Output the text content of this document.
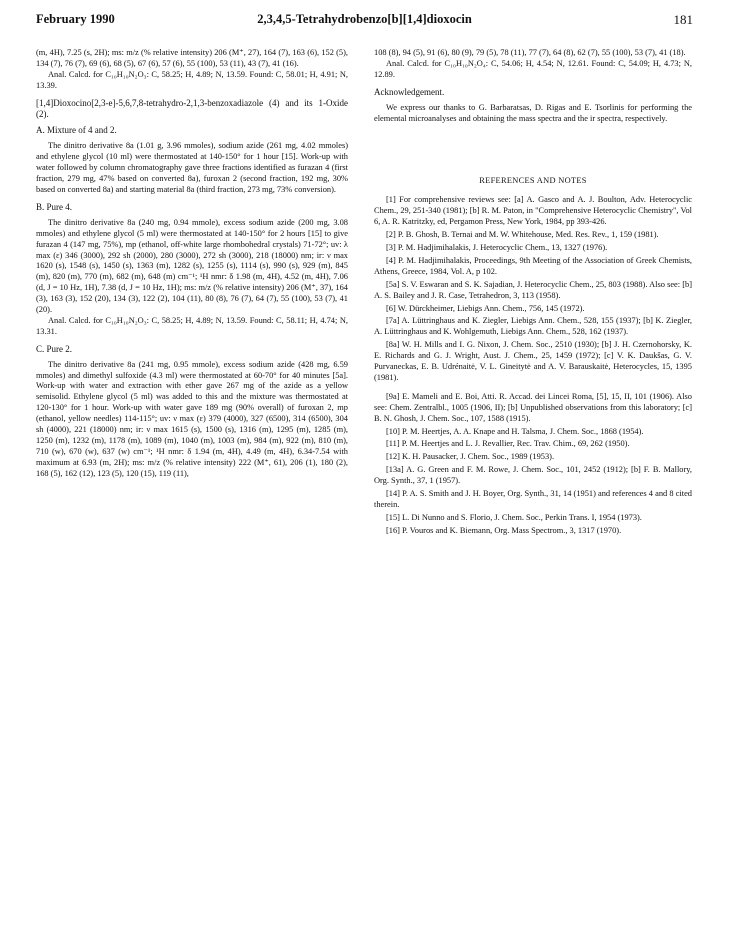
February 1990	2,3,4,5-Tetrahydrobenzo[b][1,4]dioxocin	181

(m, 4H), 7.25 (s, 2H); ms: m/z (% relative intensity) 206 (M⁺, 27), 164 (7), 163 (6), 152 (5), 134 (7), 76 (7), 69 (6), 68 (5), 67 (6), 57 (6), 55 (100), 53 (11), 43 (7), 41 (16).

Anal. Calcd. for C₁₀H₁₀N₂O₃: C, 58.25; H, 4.89; N, 13.59. Found: C, 58.01; H, 4.91; N, 13.39.

[1,4]Dioxocino[2,3-e]-5,6,7,8-tetrahydro-2,1,3-benzoxadiazole (4) and its 1-Oxide (2).

A. Mixture of 4 and 2.

The dinitro derivative 8a (1.01 g, 3.96 mmoles), sodium azide (261 mg, 4.02 mmoles) and ethylene glycol (10 ml) were thermostated at 140-150° for 1 hour [15]. Work-up with water followed by column chromatography gave three fractions identified as furazan 4 (first fraction, 279 mg, 47% based on converted 8a), furoxan 2 (second fraction, 192 mg, 30% based on converted 8a) and starting material 8a (third fraction, 273 mg, 73% conversion).

B. Pure 4.

The dinitro derivative 8a (240 mg, 0.94 mmole), excess sodium azide (200 mg, 3.08 mmoles) and ethylene glycol (5 ml) were thermostated at 140-150° for 2 hours [15] to give furazan 4 (147 mg, 75%), mp (ethanol, off-white large rhombohedral crystals) 71-72°; uv: λ max (ε) 346 (3000), 292 sh (2000), 280 (3000), 272 sh (3000), 218 (18000) nm; ir: ν max 1620 (s), 1548 (s), 1450 (s), 1363 (m), 1282 (s), 1255 (s), 1114 (s), 990 (s), 929 (m), 845 (m), 820 (m), 770 (m), 682 (m), 648 (m) cm⁻¹; ¹H nmr: δ 1.98 (m, 4H), 4.52 (m, 4H), 7.06 (d, J = 10 Hz, 1H), 7.38 (d, J = 10 Hz, 1H); ms: m/z (% relative intensity) 206 (M⁺, 37), 164 (3), 163 (3), 152 (20), 134 (3), 122 (2), 104 (11), 80 (8), 76 (7), 64 (7), 55 (100), 53 (7), 41 (20).

Anal. Calcd. for C₁₀H₁₀N₂O₃: C, 58.25; H, 4.89; N, 13.59. Found: C, 58.11; H, 4.74; N, 13.31.

C. Pure 2.

The dinitro derivative 8a (241 mg, 0.95 mmole), excess sodium azide (428 mg, 6.59 mmoles) and dimethyl sulfoxide (4.3 ml) were thermostated at 60-70° for 40 minutes [5a]. Work-up with water and extraction with ether gave 267 mg of the azide as a yellow semisolid. Ethylene glycol (5 ml) was added to this and the mixture was thermostated at 120-130° for 1 hour. Work-up with water gave 189 mg (90% overall) of furoxan 2, mp (ethanol, yellow needles) 114-115°; uv: ν max (ε) 379 (4000), 327 (6500), 314 (6500), 304 sh (4000), 221 (18000) nm; ir: ν max 1615 (s), 1500 (s), 1316 (m), 1295 (m), 1285 (m), 1250 (m), 1232 (m), 1178 (m), 1089 (m), 1040 (m), 1003 (m), 984 (m), 922 (m), 810 (m), 710 (w), 670 (w), 637 (w) cm⁻¹; ¹H nmr: δ 1.94 (m, 4H), 4.49 (m, 4H), 6.34-7.54 with maximum at 6.93 (m, 2H); ms: m/z (% relative intensity) 222 (M⁺, 61), 206 (1), 180 (2), 168 (5), 162 (12), 123 (5), 120 (15), 119 (11),

108 (8), 94 (5), 91 (6), 80 (9), 79 (5), 78 (11), 77 (7), 64 (8), 62 (7), 55 (100), 53 (7), 41 (18).

Anal. Calcd. for C₁₀H₁₀N₂O₄: C, 54.06; H, 4.54; N, 12.61. Found: C, 54.09; H, 4.73; N, 12.89.

Acknowledgement.

We express our thanks to G. Barbaratsas, D. Rigas and E. Tsorlinis for performing the elemental microanalyses and obtaining the mass spectra and the ir spectra, respectively.

REFERENCES AND NOTES

[1] For comprehensive reviews see: [a] A. Gasco and A. J. Boulton, Adv. Heterocyclic Chem., 29, 251-340 (1981); [b] R. M. Paton, in "Comprehensive Heterocyclic Chemistry", Vol 6, A. R. Katritzky, ed, Pergamon Press, New York, 1984, pp 393-426.

[2] P. B. Ghosh, B. Ternai and M. W. Whitehouse, Med. Res. Rev., 1, 159 (1981).

[3] P. M. Hadjimihalakis, J. Heterocyclic Chem., 13, 1327 (1976).

[4] P. M. Hadjimihalakis, Proceedings, 9th Meeting of the Association of Greek Chemists, Athens, Greece, 1984, Vol. A, p 102.

[5a] S. V. Eswaran and S. K. Sajadian, J. Heterocyclic Chem., 25, 803 (1988). Also see: [b] A. S. Bailey and J. R. Case, Tetrahedron, 3, 113 (1958).

[6] W. Dürckheimer, Liebigs Ann. Chem., 756, 145 (1972).

[7a] A. Lüttringhaus and K. Ziegler, Liebigs Ann. Chem., 528, 155 (1937); [b] K. Ziegler, A. Lüttringhaus and K. Wohlgemuth, Liebigs Ann. Chem., 528, 162 (1937).

[8a] W. H. Mills and I. G. Nixon, J. Chem. Soc., 2510 (1930); [b] J. H. Czernohorsky, K. E. Richards and G. J. Wright, Aust. J. Chem., 25, 1459 (1972); [c] V. K. Daukšas, G. V. Purvaneckas, E. B. Udrénaitė, V. L. Gineitytė and A. V. Barauskaitė, Heterocycles, 15, 1395 (1981).

[9a] E. Mameli and E. Boi, Atti. R. Accad. dei Lincei Roma, [5], 15, II, 101 (1906). Also see: Chem. Zentralbl., 1005 (1906, II); [b] Unpublished observations from this laboratory; [c] B. N. Ghosh, J. Chem. Soc., 107, 1588 (1915).

[10] P. M. Heertjes, A. A. Knape and H. Talsma, J. Chem. Soc., 1868 (1954).

[11] P. M. Heertjes and L. J. Revallier, Rec. Trav. Chim., 69, 262 (1950).

[12] K. H. Pausacker, J. Chem. Soc., 1989 (1953).

[13a] A. G. Green and F. M. Rowe, J. Chem. Soc., 101, 2452 (1912); [b] F. B. Mallory, Org. Synth., 37, 1 (1957).

[14] P. A. S. Smith and J. H. Boyer, Org. Synth., 31, 14 (1951) and references 4 and 8 cited therein.

[15] L. Di Nunno and S. Florio, J. Chem. Soc., Perkin Trans. I, 1954 (1973).

[16] P. Vouros and K. Biemann, Org. Mass Spectrom., 3, 1317 (1970).
